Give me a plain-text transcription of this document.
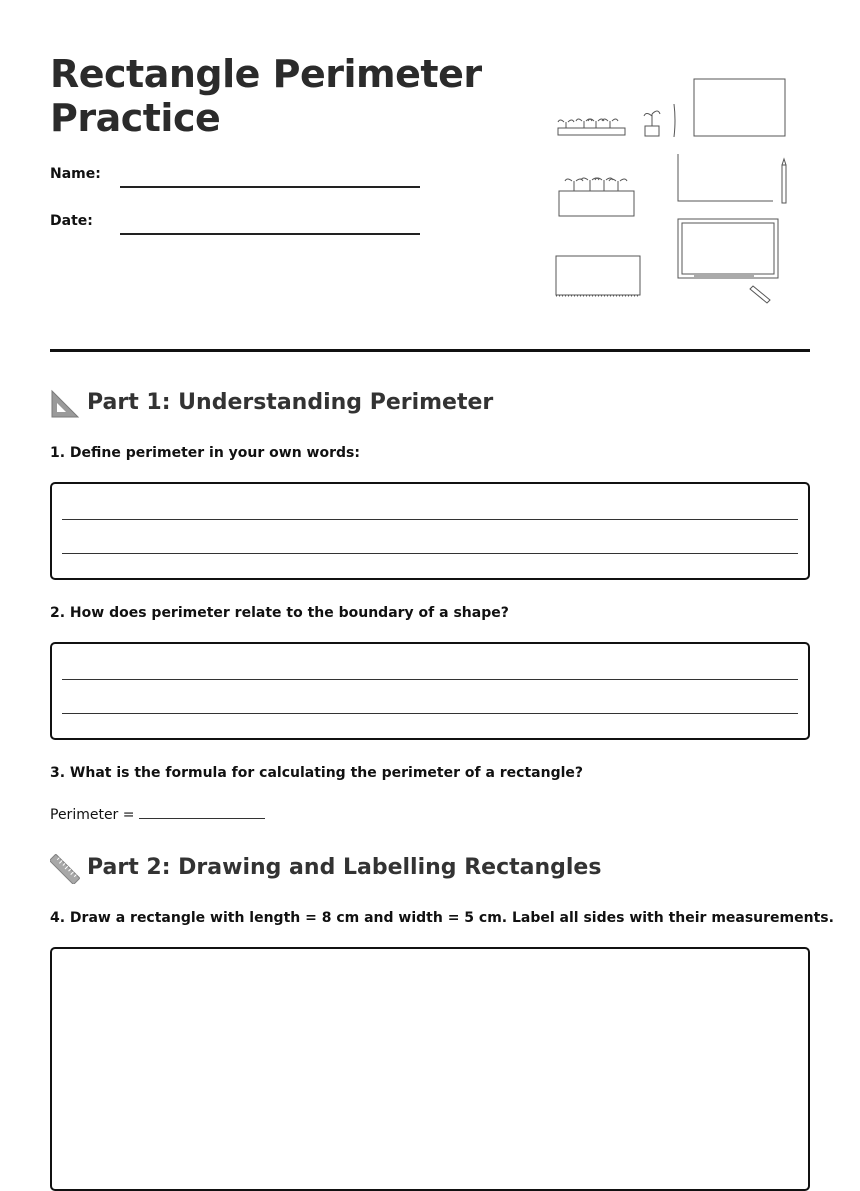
Rectangle Perimeter
Practice
Name:
Date:
Part 1: Understanding Perimeter
1. Define perimeter in your own words:
2. How does perimeter relate to the boundary of a shape?
3. What is the formula for calculating the perimeter of a rectangle?
Perimeter =
Part 2: Drawing and Labelling Rectangles
4. Draw a rectangle with length = 8 cm and width = 5 cm. Label all sides with their measurements.
